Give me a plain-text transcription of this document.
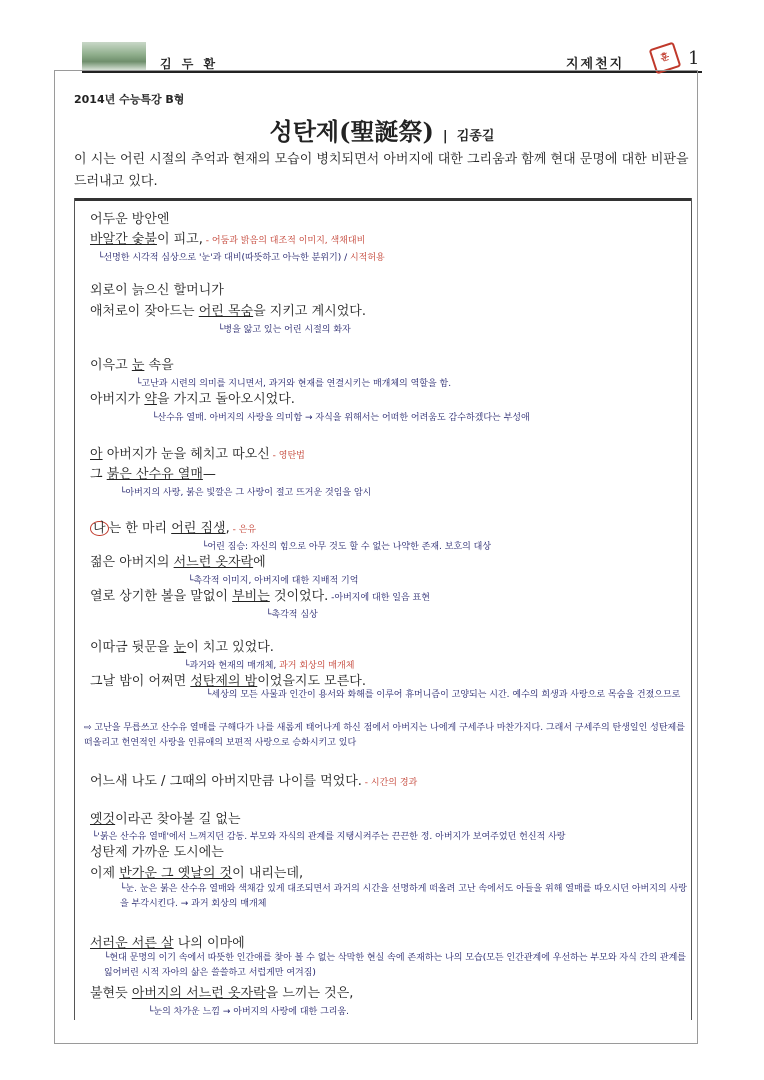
김 두 환	지제천지	훈 1
2014년 수능특강 B형
성탄제(聖誕祭) | 김종길
이 시는 어린 시절의 추억과 현재의 모습이 병치되면서 아버지에 대한 그리움과 함께 현대 문명에 대한 비판을 드러내고 있다.
어두운 방안엔
바알간 숯불이 피고, - 어둠과 밝음의 대조적 이미지, 색채대비
└선명한 시각적 심상으로 '눈'과 대비(따뜻하고 아늑한 분위기) / 시적허용
외로이 늙으신 할머니가
애처로이 잦아드는 어린 목숨을 지키고 계시었다.
└병을 앓고 있는 어린 시절의 화자
이윽고 눈 속을
└고난과 시련의 의미를 지니면서, 과거와 현재를 연결시키는 매개체의 역할을 함.
아버지가 약을 가지고 돌아오시었다.
└산수유 열매. 아버지의 사랑을 의미함 → 자식을 위해서는 어떠한 어려움도 감수하겠다는 부성애
아 아버지가 눈을 헤치고 따오신 - 영탄법
그 붉은 산수유 열매—
└아버지의 사랑, 붉은 빛깔은 그 사랑이 절고 뜨거운 것임을 암시
나 는 한 마리 어린 짐생, - 은유
└어린 짐승: 자신의 힘으로 아무 것도 할 수 없는 나약한 존재. 보호의 대상
젊은 아버지의 서느런 옷자락에
└촉각적 이미지, 아버지에 대한 지배적 기억
열로 상기한 볼을 말없이 부비는 것이었다. -아버지에 대한 일음 표현
└촉각적 심상
이따금 뒷문을 눈이 치고 있었다.
└과거와 현재의 매개체, 과거 회상의 매개체
그날 밤이 어쩌면 성탄제의 밤이었을지도 모른다.
└세상의 모든 사물과 인간이 용서와 화해를 이루어 휴머니즘이 고양되는 시간. 예수의 희생과 사랑으로 목숨을 건졌으므로
⇨ 고난을 무릅쓰고 산수유 열매를 구해다가 나를 새롭게 태어나게 하신 점에서 아버지는 나에게 구세주나 마찬가지다. 그래서 구세주의 탄생일인 성탄제를 떠올리고 헌연적인 사랑을 인류애의 보편적 사랑으로 승화시키고 있다
어느새 나도 / 그때의 아버지만큼 나이를 먹었다. - 시간의 경과
옛것이라곤 찾아볼 길 없는
└'붉은 산수유 열매'에서 느껴지던 감동. 부모와 자식의 관계를 지탱시켜주는 끈끈한 정. 아버지가 보여주었던 헌신적 사랑
성탄제 가까운 도시에는
이제 반가운 그 옛날의 것이 내리는데,
└눈. 눈은 붉은 산수유 열매와 색채감 있게 대조되면서 과거의 시간을 선명하게 떠올려 고난 속에서도 아들을 위해 열매를 따오시던 아버지의 사랑을 부각시킨다. → 과거 회상의 매개체
서러운 서른 살 나의 이마에
└현대 문명의 이기 속에서 따뜻한 인간애를 찾아 볼 수 없는 삭막한 현실 속에 존재하는 나의 모습(모든 인간관계에 우선하는 부모와 자식 간의 관계를 잃어버린 시적 자아의 삶은 쓸쓸하고 서럽게만 여겨짐)
불현듯 아버지의 서느런 옷자락을 느끼는 것은,
└눈의 차가운 느낌 → 아버지의 사랑에 대한 그리움.
